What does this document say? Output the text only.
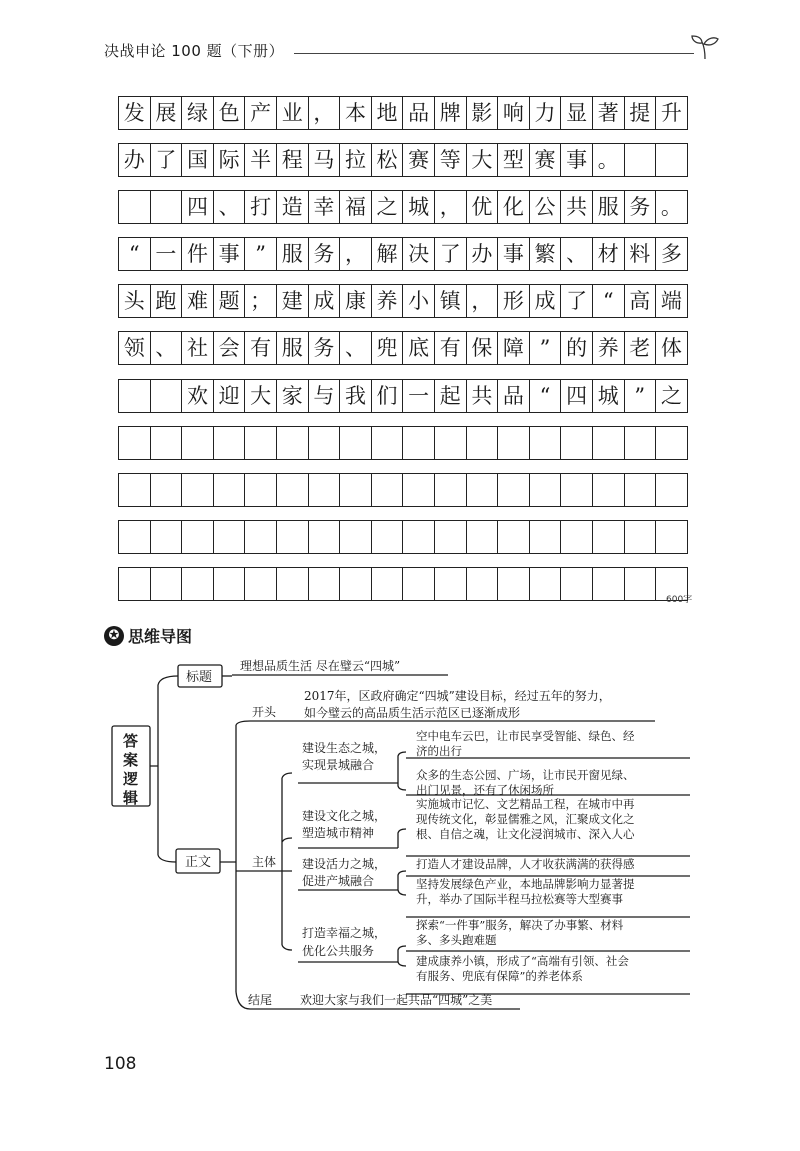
决战申论 100 题（下册）
发 展 绿 色 产 业 ， 本 地 品 牌 影 响 力 显 著 提 升
办 了 国 际 半 程 马 拉 松 赛 等 大 型 赛 事 。
四 、 打 造 幸 福 之 城 ， 优 化 公 共 服 务 。
“ 一 件 事 ” 服 务 ， 解 决 了 办 事 繁 、 材 料 多
头 跑 难 题 ； 建 成 康 养 小 镇 ， 形 成 了 “ 高 端
领 、 社 会 有 服 务 、 兜 底 有 保 障 ” 的 养 老 体
欢 迎 大 家 与 我 们 一 起 共 品 “ 四 城 ” 之
600字
✪ 思维导图
答
案
逻
辑
标题
理想品质生活 尽在璧云“四城”
正文
开头
2017年，区政府确定“四城”建设目标，经过五年的努力，
如今璧云的高品质生活示范区已逐渐成形
主体
建设生态之城，
实现景城融合
建设文化之城，
塑造城市精神
建设活力之城，
促进产城融合
打造幸福之城，
优化公共服务
空中电车云巴，让市民享受智能、绿色、经
济的出行
众多的生态公园、广场，让市民开窗见绿、
出门见景，还有了休闲场所
实施城市记忆、文艺精品工程，在城市中再
现传统文化，彰显儒雅之风，汇聚成文化之
根、自信之魂，让文化浸润城市、深入人心
打造人才建设品牌，人才收获满满的获得感
坚持发展绿色产业，本地品牌影响力显著提
升，举办了国际半程马拉松赛等大型赛事
探索“一件事”服务，解决了办事繁、材料
多、多头跑难题
建成康养小镇，形成了“高端有引领、社会
有服务、兜底有保障”的养老体系
结尾 欢迎大家与我们一起共品“四城”之美
108
